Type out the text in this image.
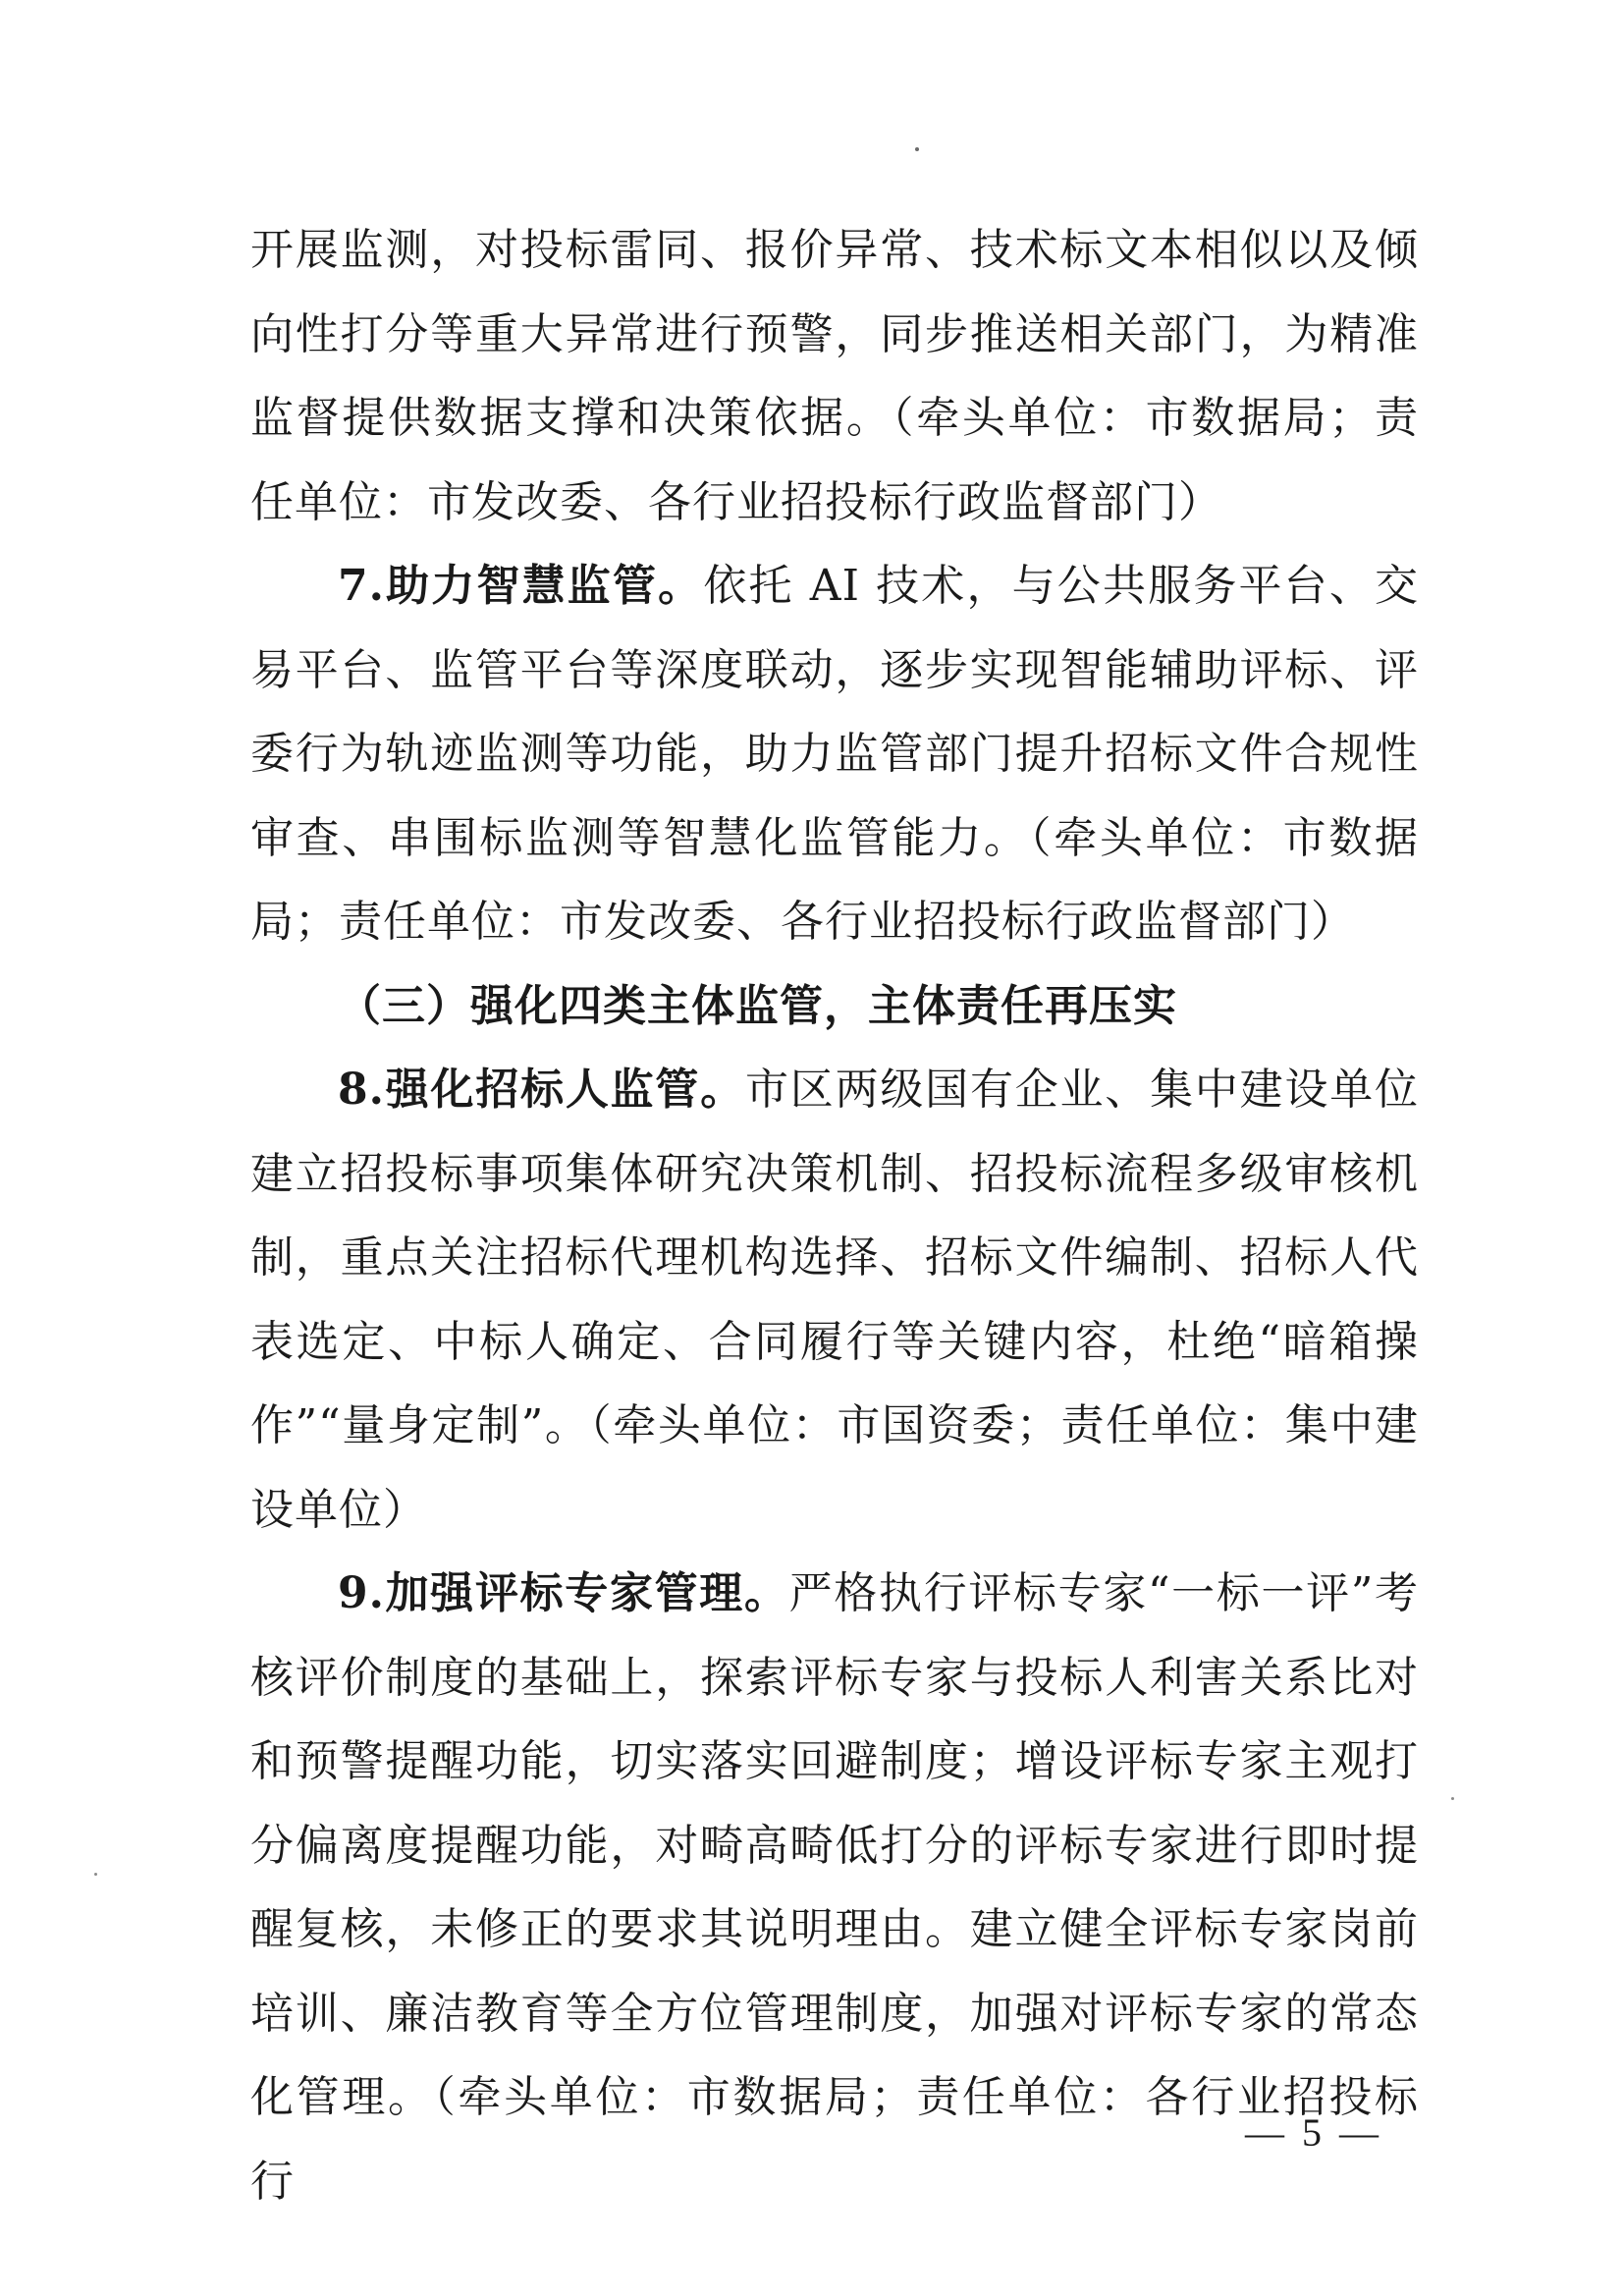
开展监测，对投标雷同、报价异常、技术标文本相似以及倾向性打分等重大异常进行预警，同步推送相关部门，为精准监督提供数据支撑和决策依据。（牵头单位：市数据局；责任单位：市发改委、各行业招投标行政监督部门）

7.助力智慧监管。依托 AI 技术，与公共服务平台、交易平台、监管平台等深度联动，逐步实现智能辅助评标、评委行为轨迹监测等功能，助力监管部门提升招标文件合规性审查、串围标监测等智慧化监管能力。（牵头单位：市数据局；责任单位：市发改委、各行业招投标行政监督部门）

（三）强化四类主体监管，主体责任再压实

8.强化招标人监管。市区两级国有企业、集中建设单位建立招投标事项集体研究决策机制、招投标流程多级审核机制，重点关注招标代理机构选择、招标文件编制、招标人代表选定、中标人确定、合同履行等关键内容，杜绝“暗箱操作”“量身定制”。（牵头单位：市国资委；责任单位：集中建设单位）

9.加强评标专家管理。严格执行评标专家“一标一评”考核评价制度的基础上，探索评标专家与投标人利害关系比对和预警提醒功能，切实落实回避制度；增设评标专家主观打分偏离度提醒功能，对畸高畸低打分的评标专家进行即时提醒复核，未修正的要求其说明理由。建立健全评标专家岗前培训、廉洁教育等全方位管理制度，加强对评标专家的常态化管理。（牵头单位：市数据局；责任单位：各行业招投标行

— 5 —
